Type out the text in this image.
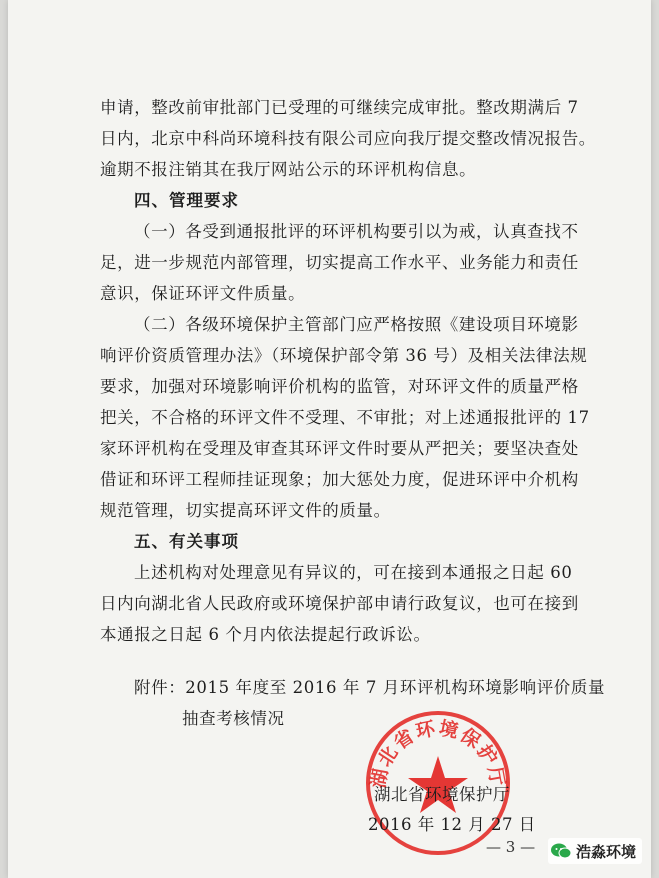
申请，整改前审批部门已受理的可继续完成审批。整改期满后 7
日内，北京中科尚环境科技有限公司应向我厅提交整改情况报告。
逾期不报注销其在我厅网站公示的环评机构信息。
四、管理要求
（一）各受到通报批评的环评机构要引以为戒，认真查找不
足，进一步规范内部管理，切实提高工作水平、业务能力和责任
意识，保证环评文件质量。
（二）各级环境保护主管部门应严格按照《建设项目环境影
响评价资质管理办法》（环境保护部令第 36 号）及相关法律法规
要求，加强对环境影响评价机构的监管，对环评文件的质量严格
把关，不合格的环评文件不受理、不审批；对上述通报批评的 17
家环评机构在受理及审查其环评文件时要从严把关；要坚决查处
借证和环评工程师挂证现象；加大惩处力度，促进环评中介机构
规范管理，切实提高环评文件的质量。
五、有关事项
上述机构对处理意见有异议的，可在接到本通报之日起 60
日内向湖北省人民政府或环境保护部申请行政复议，也可在接到
本通报之日起 6 个月内依法提起行政诉讼。
附件：2015 年度至 2016 年 7 月环评机构环境影响评价质量
抽查考核情况
湖北省环境保护厅
湖北省环境保护厅
2016 年 12 月 27 日
— 3 —	浩淼环境
